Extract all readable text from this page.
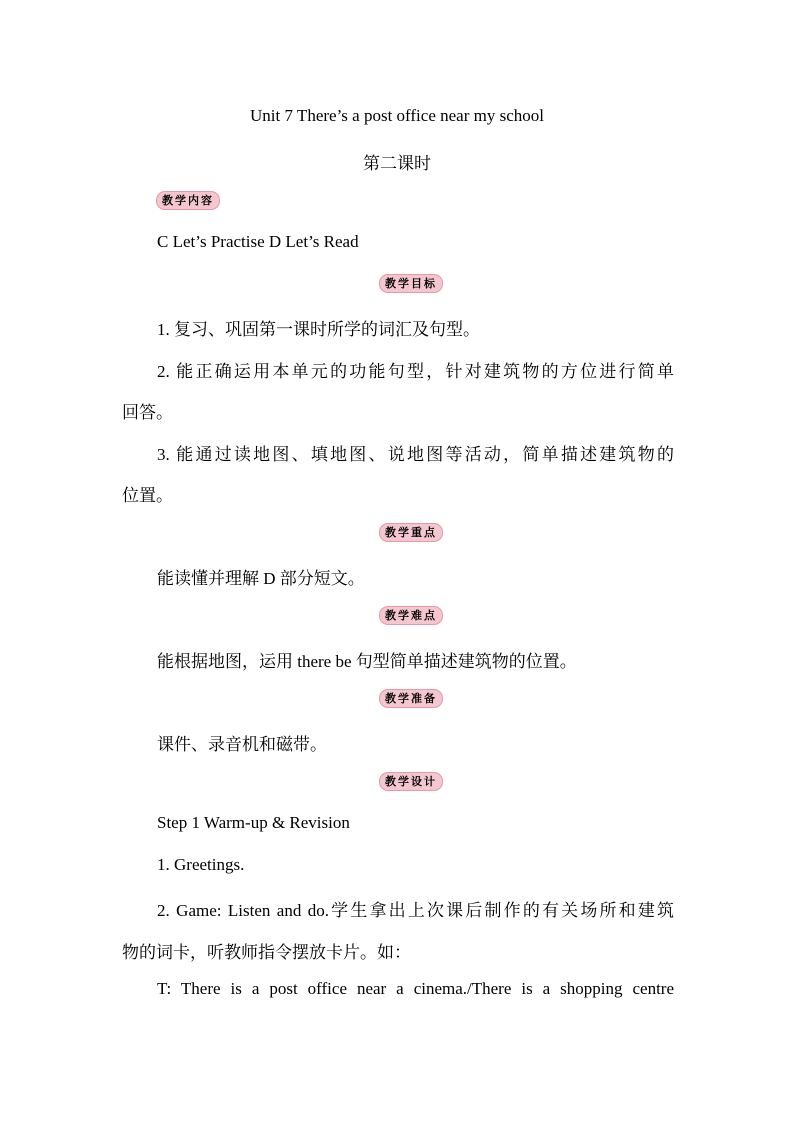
Unit 7 There’s a post office near my school
第二课时
教学内容
C Let’s Practise D Let’s Read
教学目标
1. 复习、巩固第一课时所学的词汇及句型。
2. 能正确运用本单元的功能句型，针对建筑物的方位进行简单
回答。
3. 能通过读地图、填地图、说地图等活动，简单描述建筑物的
位置。
教学重点
能读懂并理解 D 部分短文。
教学难点
能根据地图，运用 there be 句型简单描述建筑物的位置。
教学准备
课件、录音机和磁带。
教学设计
Step 1 Warm-up & Revision
1. Greetings.
2. Game: Listen and do.学生拿出上次课后制作的有关场所和建筑
物的词卡，听教师指令摆放卡片。如：
T: There is a post office near a cinema./There is a shopping centre
